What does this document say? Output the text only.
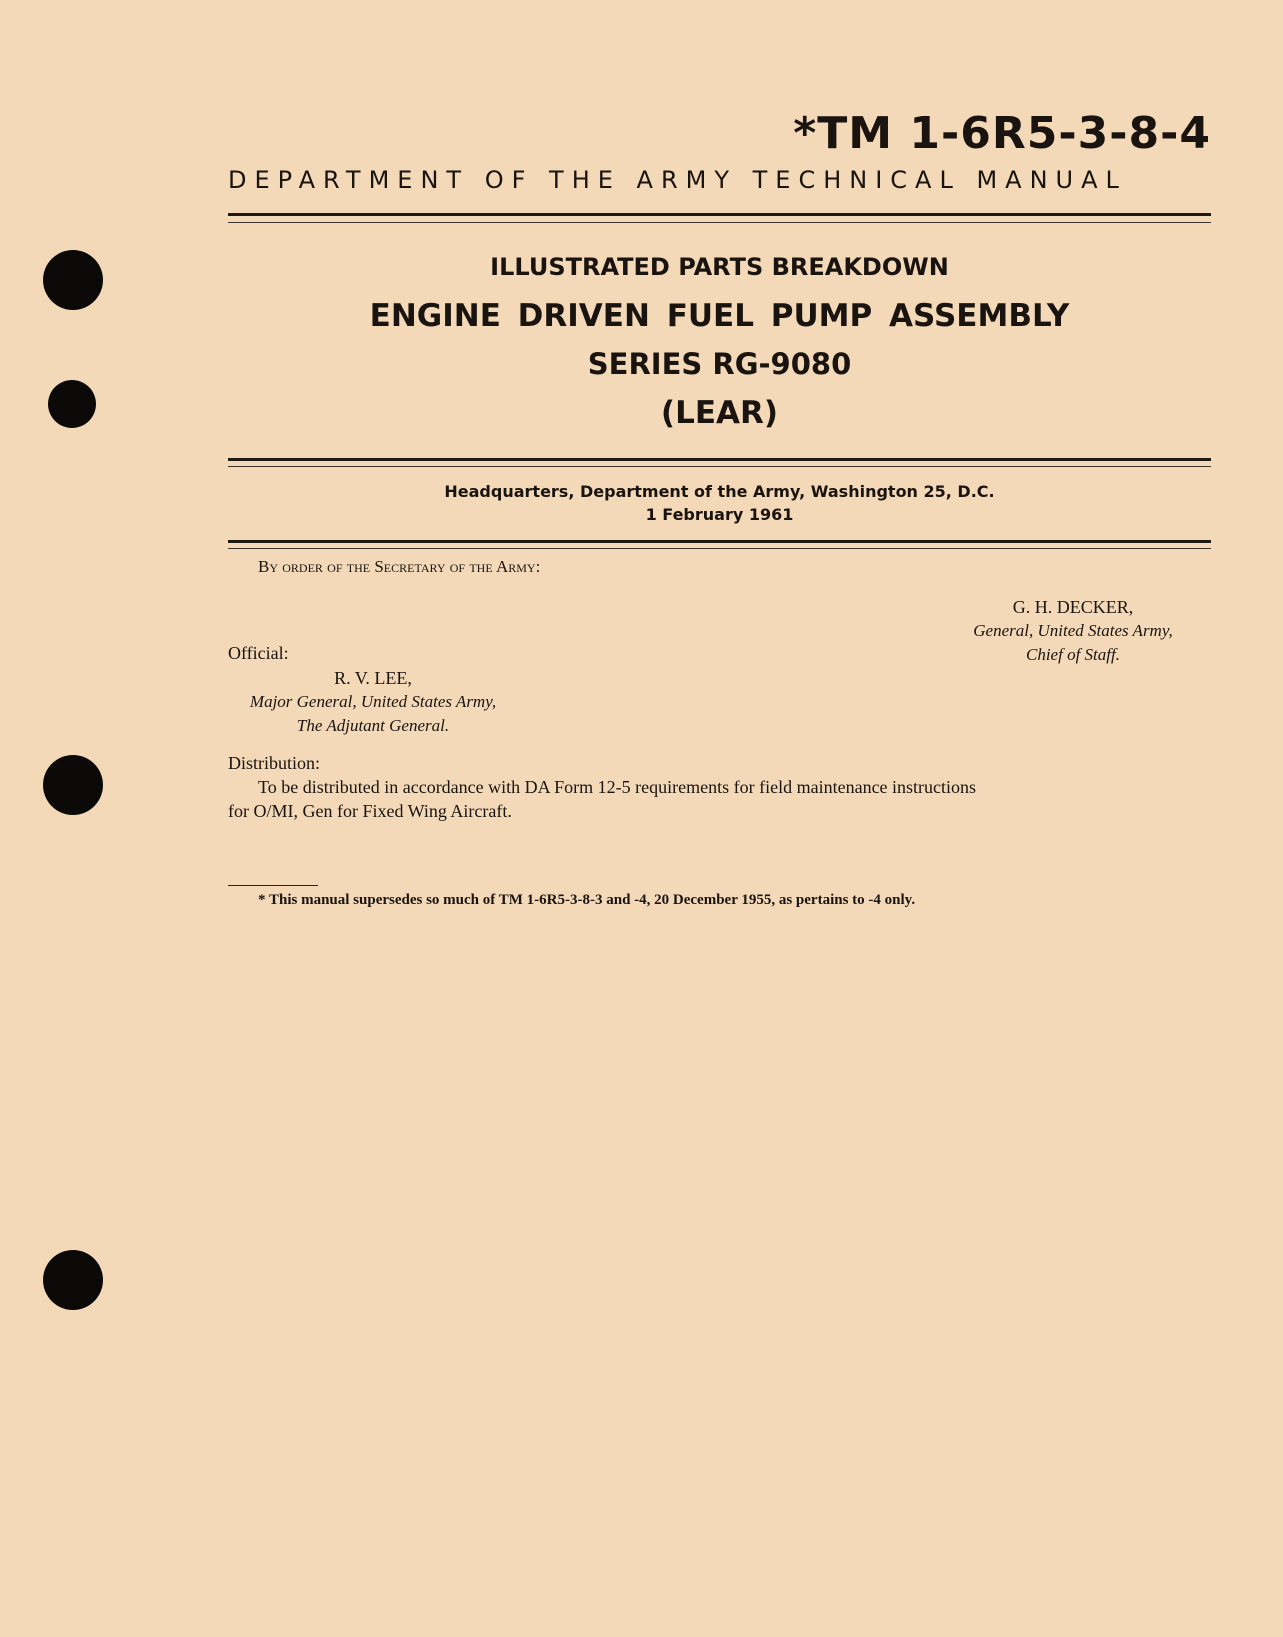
*TM 1-6R5-3-8-4
DEPARTMENT OF THE ARMY TECHNICAL MANUAL
ILLUSTRATED PARTS BREAKDOWN
ENGINE DRIVEN FUEL PUMP ASSEMBLY
SERIES RG-9080
(LEAR)
Headquarters, Department of the Army, Washington 25, D.C.
1 February 1961
By order of the Secretary of the Army:
G. H. DECKER,
General, United States Army,
Chief of Staff.
Official:
R. V. LEE,
Major General, United States Army,
The Adjutant General.
Distribution:
To be distributed in accordance with DA Form 12-5 requirements for field maintenance instructions
for O/MI, Gen for Fixed Wing Aircraft.
* This manual supersedes so much of TM 1-6R5-3-8-3 and -4, 20 December 1955, as pertains to -4 only.
